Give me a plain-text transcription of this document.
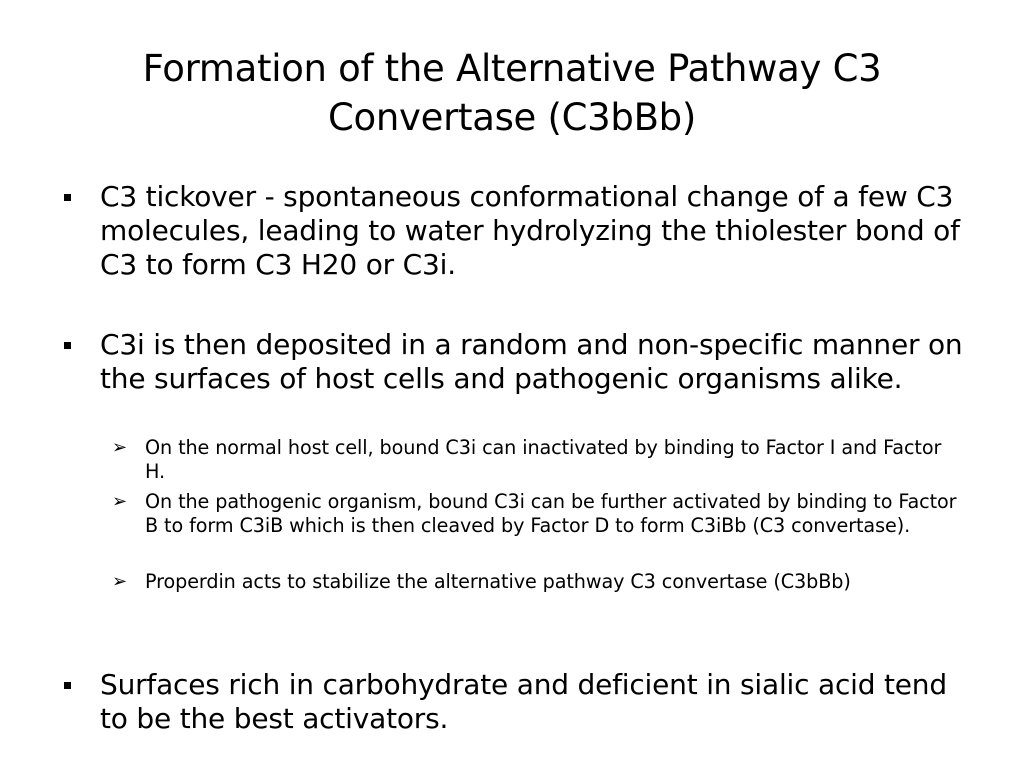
Formation of the Alternative Pathway C3
Convertase (C3bBb)
C3 tickover - spontaneous conformational change of a few C3 molecules, leading to water hydrolyzing the thiolester bond of C3 to form C3 H20 or C3i.
C3i is then deposited in a random and non-specific manner on the surfaces of host cells and pathogenic organisms alike.
➢ On the normal host cell, bound C3i can inactivated by binding to Factor I and Factor H.
➢ On the pathogenic organism, bound C3i can be further activated by binding to Factor B to form C3iB which is then cleaved by Factor D to form C3iBb (C3 convertase).
➢ Properdin acts to stabilize the alternative pathway C3 convertase (C3bBb)
Surfaces rich in carbohydrate and deficient in sialic acid tend to be the best activators.
